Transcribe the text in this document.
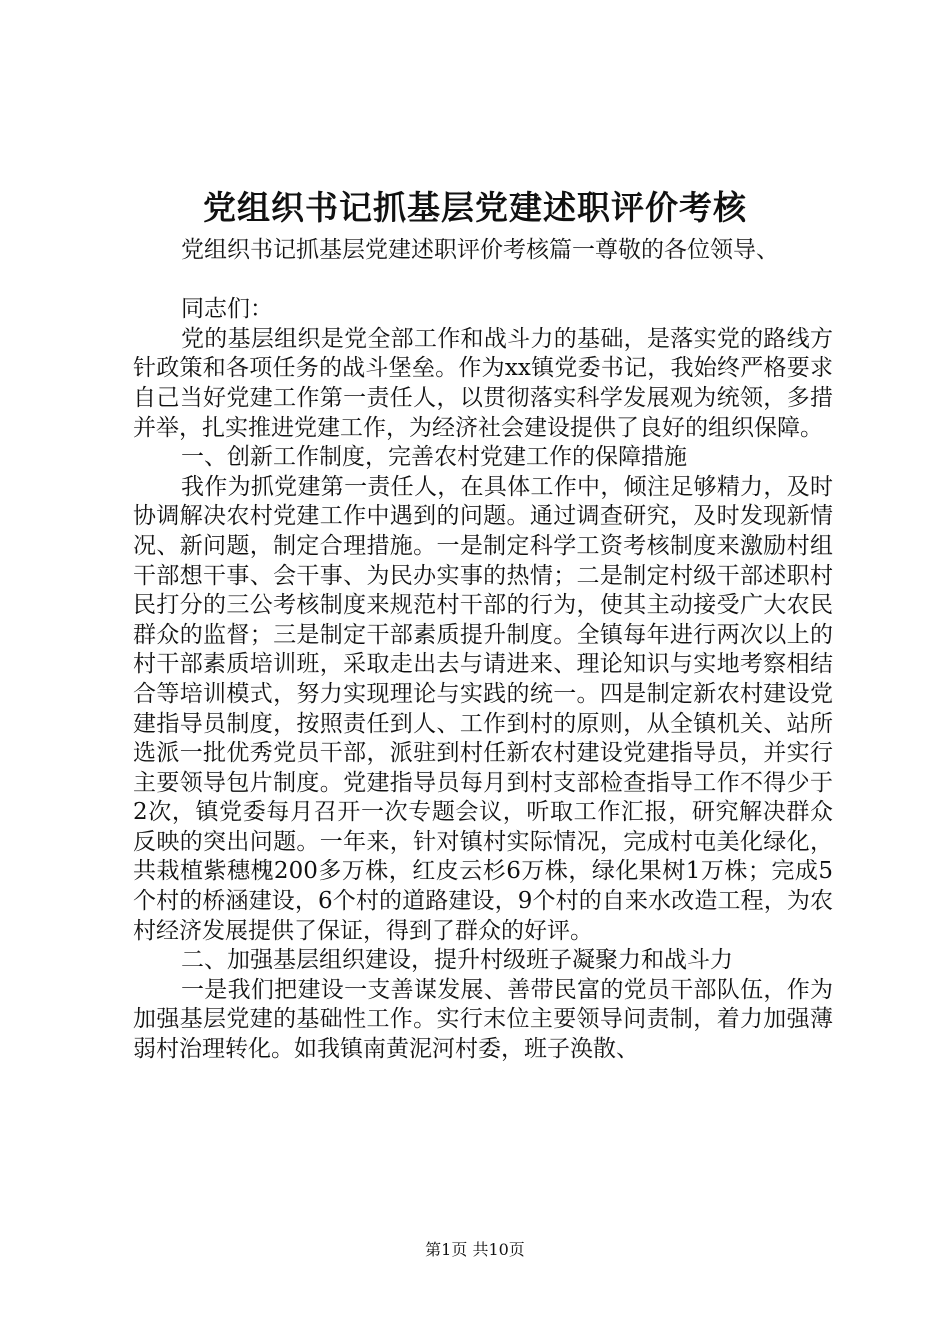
党组织书记抓基层党建述职评价考核

党组织书记抓基层党建述职评价考核篇一尊敬的各位领导、

同志们：

党的基层组织是党全部工作和战斗力的基础，是落实党的路线方针政策和各项任务的战斗堡垒。作为xx镇党委书记，我始终严格要求自己当好党建工作第一责任人，以贯彻落实科学发展观为统领，多措并举，扎实推进党建工作，为经济社会建设提供了良好的组织保障。

一、创新工作制度，完善农村党建工作的保障措施

我作为抓党建第一责任人，在具体工作中，倾注足够精力，及时协调解决农村党建工作中遇到的问题。通过调查研究，及时发现新情况、新问题，制定合理措施。一是制定科学工资考核制度来激励村组干部想干事、会干事、为民办实事的热情；二是制定村级干部述职村民打分的三公考核制度来规范村干部的行为，使其主动接受广大农民群众的监督；三是制定干部素质提升制度。全镇每年进行两次以上的村干部素质培训班，采取走出去与请进来、理论知识与实地考察相结合等培训模式，努力实现理论与实践的统一。四是制定新农村建设党建指导员制度，按照责任到人、工作到村的原则，从全镇机关、站所选派一批优秀党员干部，派驻到村任新农村建设党建指导员，并实行主要领导包片制度。党建指导员每月到村支部检查指导工作不得少于2次，镇党委每月召开一次专题会议，听取工作汇报，研究解决群众反映的突出问题。一年来，针对镇村实际情况，完成村屯美化绿化，共栽植紫穗槐200多万株，红皮云杉6万株，绿化果树1万株；完成5个村的桥涵建设，6个村的道路建设，9个村的自来水改造工程，为农村经济发展提供了保证，得到了群众的好评。

二、加强基层组织建设，提升村级班子凝聚力和战斗力

一是我们把建设一支善谋发展、善带民富的党员干部队伍，作为加强基层党建的基础性工作。实行末位主要领导问责制，着力加强薄弱村治理转化。如我镇南黄泥河村委，班子涣散、

第1页 共10页
